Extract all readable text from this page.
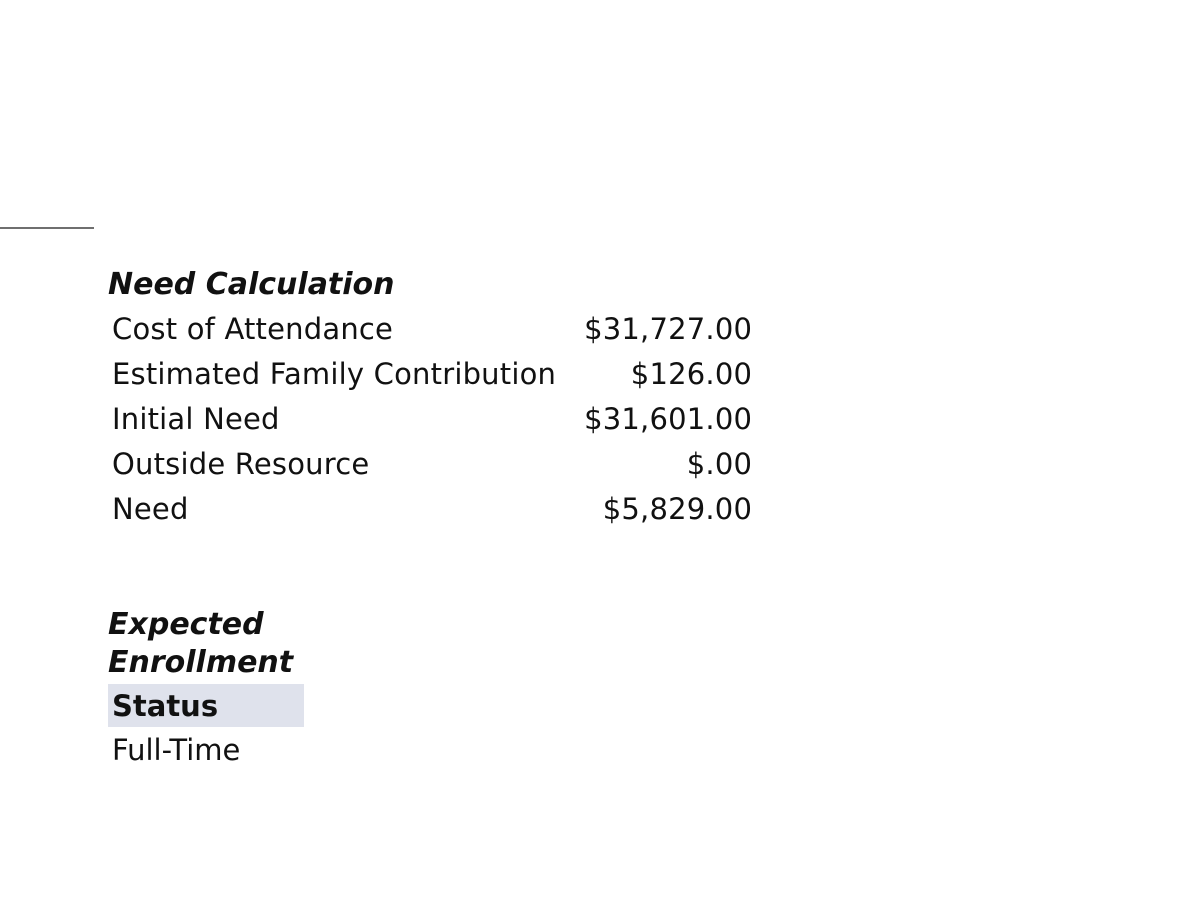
Need Calculation
Cost of Attendance	$31,727.00
Estimated Family Contribution	$126.00
Initial Need	$31,601.00
Outside Resource	$.00
Need	$5,829.00
Expected Enrollment
Status
Full-Time
